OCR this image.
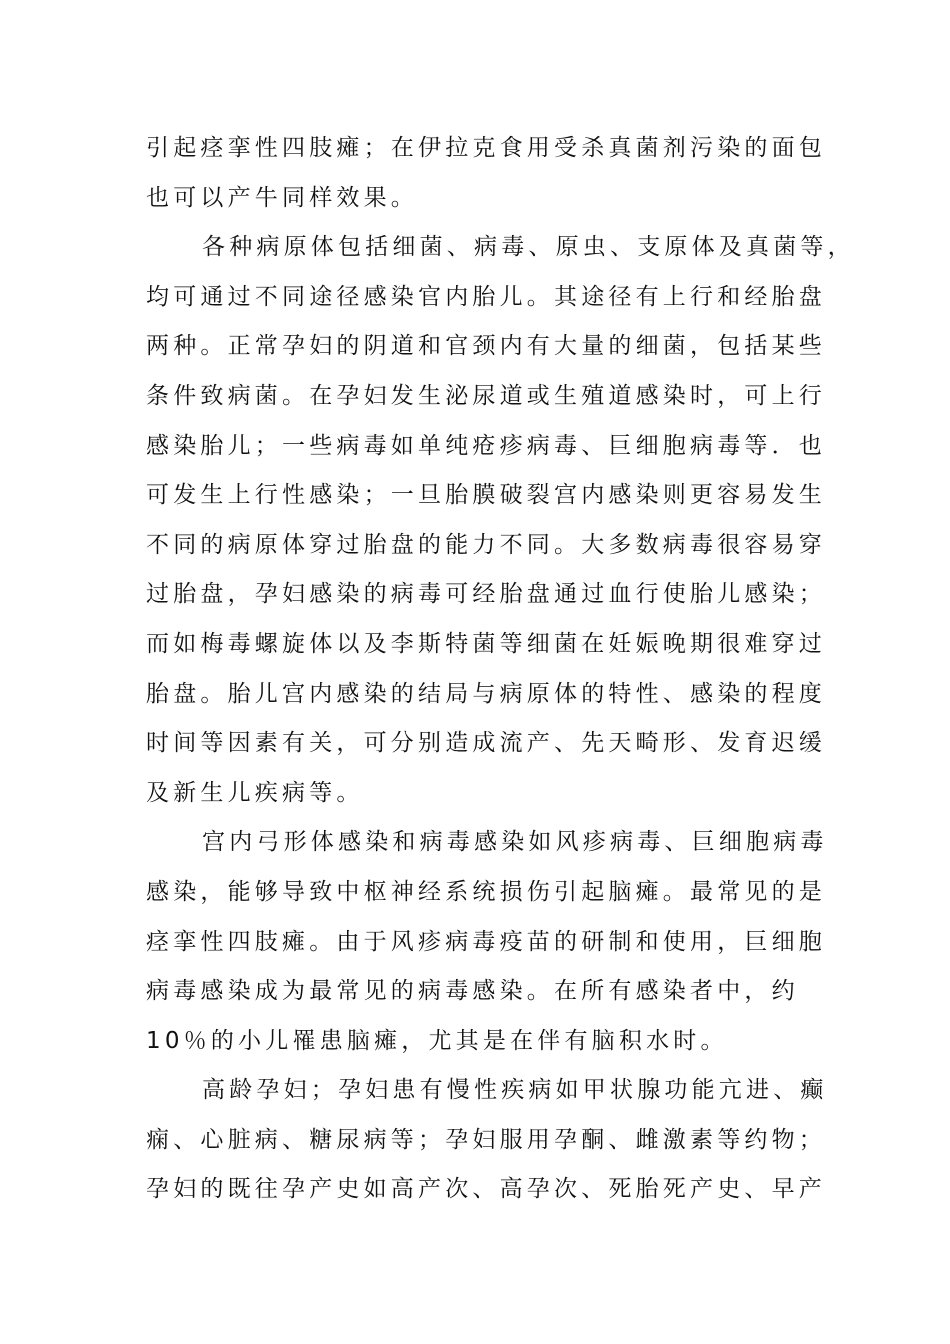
引起痉挛性四肢瘫；在伊拉克食用受杀真菌剂污染的面包
也可以产牛同样效果。
各种病原体包括细菌、病毒、原虫、支原体及真菌等，
均可通过不同途径感染官内胎儿。其途径有上行和经胎盘
两种。正常孕妇的阴道和官颈内有大量的细菌，包括某些
条件致病菌。在孕妇发生泌尿道或生殖道感染时，可上行
感染胎儿；一些病毒如单纯疮疹病毒、巨细胞病毒等．也
可发生上行性感染；一旦胎膜破裂宫内感染则更容易发生
不同的病原体穿过胎盘的能力不同。大多数病毒很容易穿
过胎盘，孕妇感染的病毒可经胎盘通过血行使胎儿感染；
而如梅毒螺旋体以及李斯特菌等细菌在妊娠晚期很难穿过
胎盘。胎儿宫内感染的结局与病原体的特性、感染的程度
时间等因素有关，可分别造成流产、先天畸形、发育迟缓
及新生儿疾病等。
宫内弓形体感染和病毒感染如风疹病毒、巨细胞病毒
感染，能够导致中枢神经系统损伤引起脑瘫。最常见的是
痉挛性四肢瘫。由于风疹病毒疫苗的研制和使用，巨细胞
病毒感染成为最常见的病毒感染。在所有感染者中，约
10％的小儿罹患脑瘫，尤其是在伴有脑积水时。
高龄孕妇；孕妇患有慢性疾病如甲状腺功能亢进、癫
痫、心脏病、糖尿病等；孕妇服用孕酮、雌激素等约物；
孕妇的既往孕产史如高产次、高孕次、死胎死产史、早产
